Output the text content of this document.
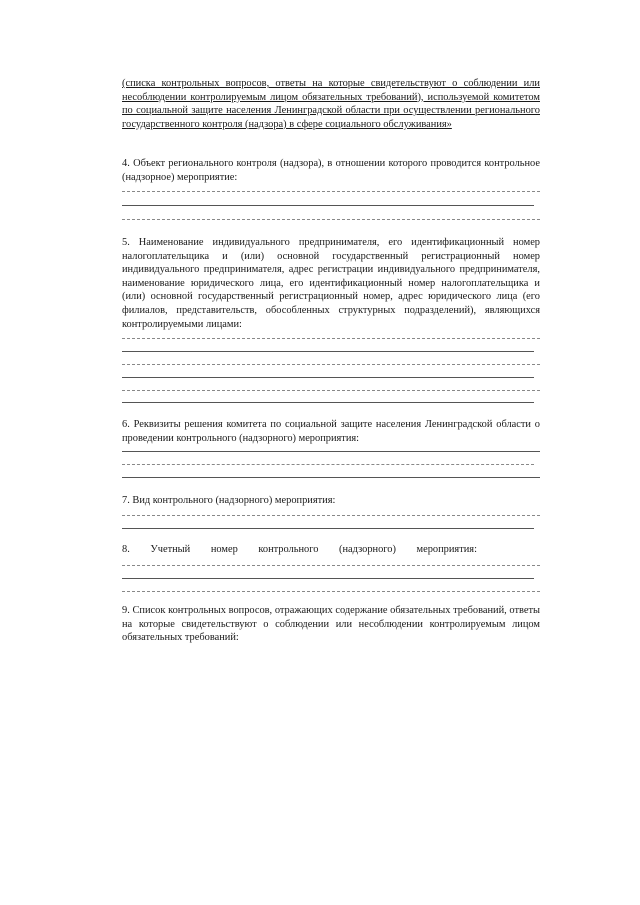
(списка контрольных вопросов, ответы на которые свидетельствуют о соблюдении или несоблюдении контролируемым лицом обязательных требований), используемой комитетом по социальной защите населения Ленинградской области при осуществлении регионального государственного контроля (надзора) в сфере социального обслуживания»
4. Объект регионального контроля (надзора), в отношении которого проводится контрольное (надзорное) мероприятие:
5. Наименование индивидуального предпринимателя, его идентификационный номер налогоплательщика и (или) основной государственный регистрационный номер индивидуального предпринимателя, адрес регистрации индивидуального предпринимателя, наименование юридического лица, его идентификационный номер налогоплательщика и (или) основной государственный регистрационный номер, адрес юридического лица (его филиалов, представительств, обособленных структурных подразделений), являющихся контролируемыми лицами:
6. Реквизиты решения комитета по социальной защите населения Ленинградской области о проведении контрольного (надзорного) мероприятия:
7. Вид контрольного (надзорного) мероприятия:
8. Учетный номер контрольного (надзорного) мероприятия:
9. Список контрольных вопросов, отражающих содержание обязательных требований, ответы на которые свидетельствуют о соблюдении или несоблюдении контролируемым лицом обязательных требований:
